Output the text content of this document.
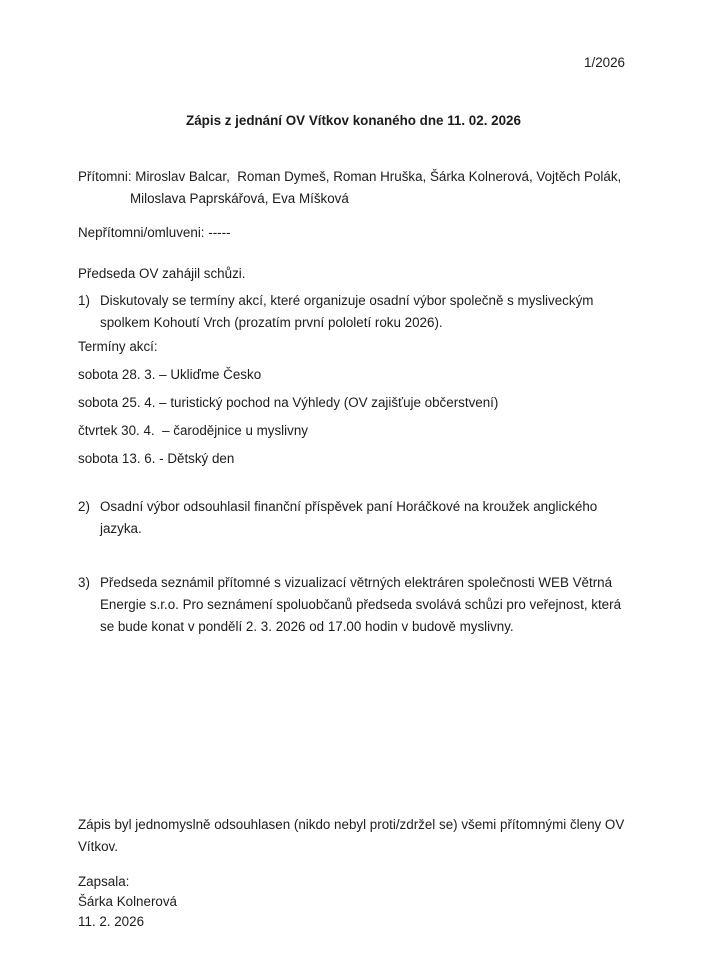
1/2026
Zápis z jednání OV Vítkov konaného dne 11. 02. 2026
Přítomni: Miroslav Balcar,  Roman Dymeš, Roman Hruška, Šárka Kolnerová, Vojtěch Polák,
Miloslava Paprskářová, Eva Míšková
Nepřítomni/omluveni: -----
Předseda OV zahájil schůzi.
1) Diskutovaly se termíny akcí, které organizuje osadní výbor společně s mysliveckým spolkem Kohoutí Vrch (prozatím první pololetí roku 2026).
Termíny akcí:
sobota 28. 3. – Ukliďme Česko
sobota 25. 4. – turistický pochod na Výhledy (OV zajišťuje občerstvení)
čtvrtek 30. 4.  – čarodějnice u myslivny
sobota 13. 6. - Dětský den
2) Osadní výbor odsouhlasil finanční příspěvek paní Horáčkové na kroužek anglického jazyka.
3) Předseda seznámil přítomné s vizualizací větrných elektráren společnosti WEB Větrná Energie s.r.o. Pro seznámení spoluobčanů předseda svolává schůzi pro veřejnost, která se bude konat v pondělí 2. 3. 2026 od 17.00 hodin v budově myslivny.
Zápis byl jednomyslně odsouhlasen (nikdo nebyl proti/zdržel se) všemi přítomnými členy OV Vítkov.
Zapsala:
Šárka Kolnerová
11. 2. 2026
